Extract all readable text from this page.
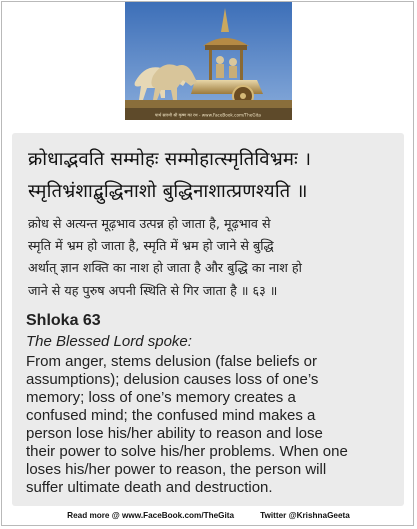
पार्थ सारथी श्री कृष्ण का रथ - www.FaceBook.com/TheGita
क्रोधाद्भवति सम्मोहः सम्मोहात्स्मृतिविभ्रमः ।
स्मृतिभ्रंशाद्बुद्धिनाशो बुद्धिनाशात्प्रणश्यति ॥
क्रोध से अत्यन्त मूढ़भाव उत्पन्न हो जाता है, मूढ़भाव से
स्मृति में भ्रम हो जाता है, स्मृति में भ्रम हो जाने से बुद्धि
अर्थात् ज्ञान शक्ति का नाश हो जाता है और बुद्धि का नाश हो
जाने से यह पुरुष अपनी स्थिति से गिर जाता है ॥ ६३ ॥
Shloka 63
The Blessed Lord spoke:
From anger, stems delusion (false beliefs or
assumptions); delusion causes loss of one’s
memory; loss of one’s memory creates a
confused mind; the confused mind makes a
person lose his/her ability to reason and lose
their power to solve his/her problems. When one
loses his/her power to reason, the person will
suffer ultimate death and destruction.
Read more @ www.FaceBook.com/TheGita	Twitter @KrishnaGeeta
